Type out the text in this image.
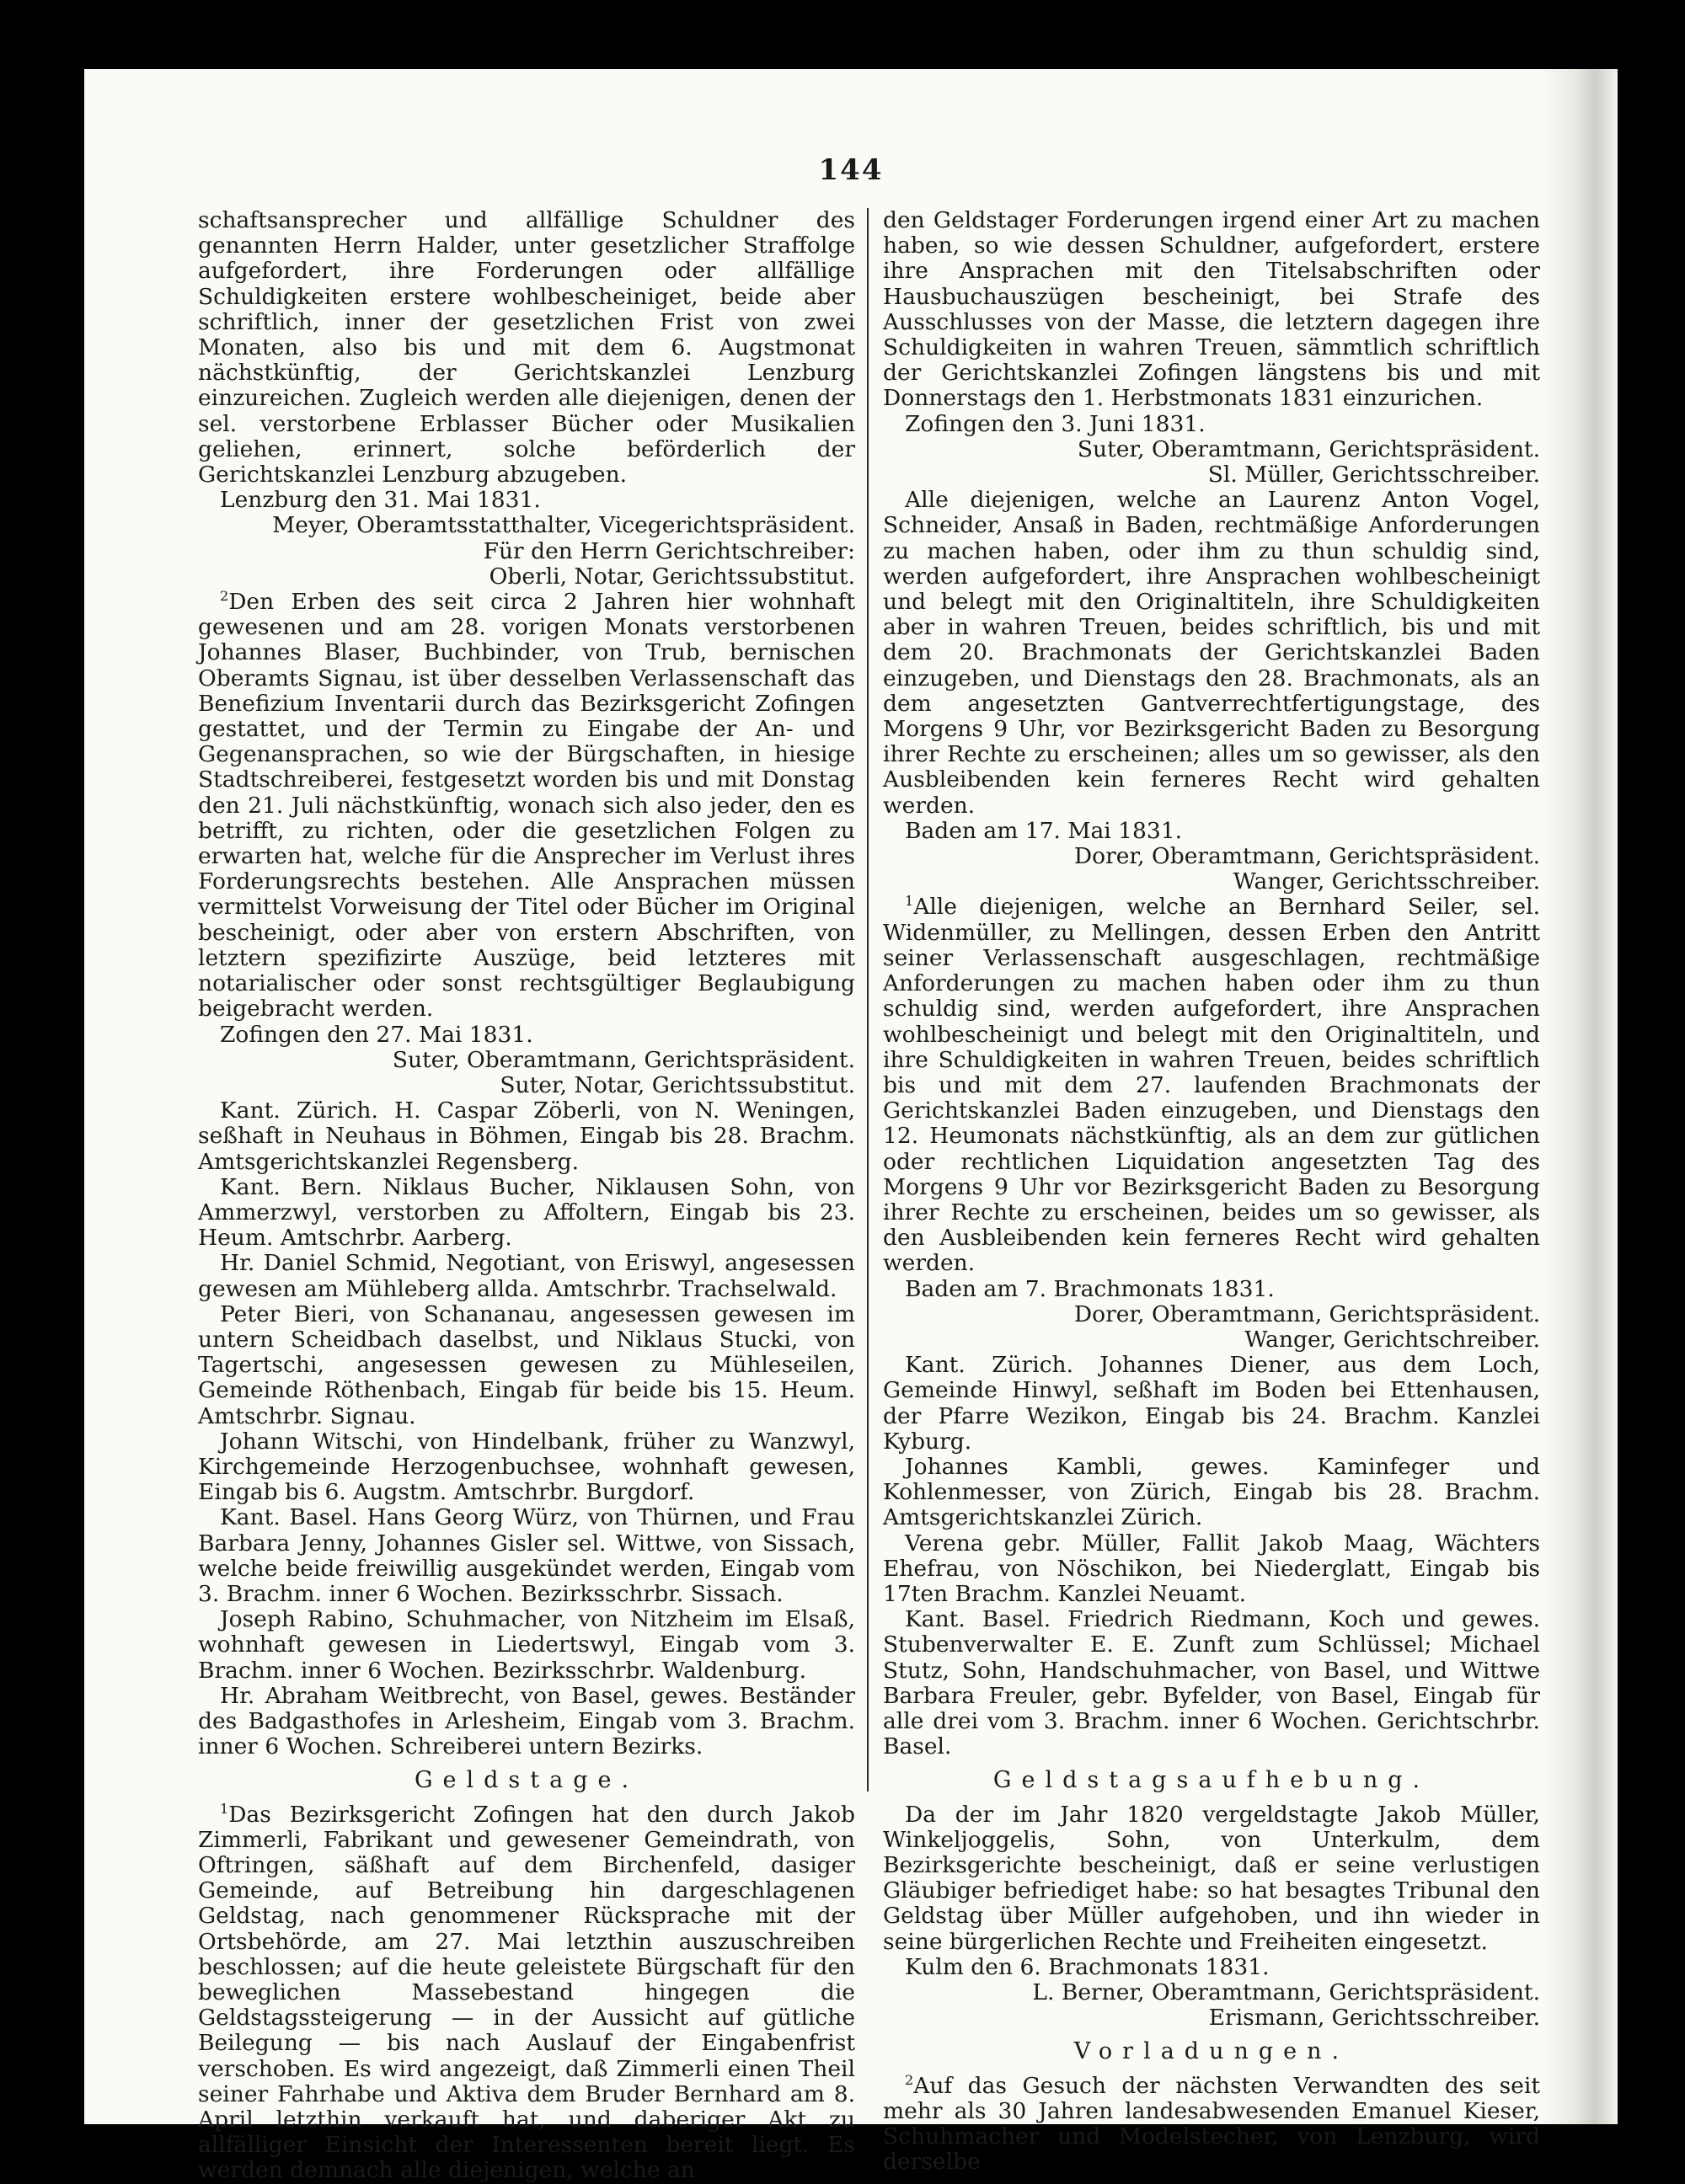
144

schaftsansprecher und allfällige Schuldner des genannten Herrn Halder, unter gesetzlicher Straffolge aufgefordert, ihre Forderungen oder allfällige Schuldigkeiten erstere wohlbescheiniget, beide aber schriftlich, inner der gesetzlichen Frist von zwei Monaten, also bis und mit dem 6. Augstmonat nächstkünftig, der Gerichtskanzlei Lenzburg einzureichen. Zugleich werden alle diejenigen, denen der sel. verstorbene Erblasser Bücher oder Musikalien geliehen, erinnert, solche beförderlich der Gerichtskanzlei Lenzburg abzugeben.

Lenzburg den 31. Mai 1831.

Meyer, Oberamtsstatthalter, Vicegerichtspräsident.

Für den Herrn Gerichtschreiber:

Oberli, Notar, Gerichtssubstitut.

$^2$Den Erben des seit circa 2 Jahren hier wohnhaft gewesenen und am 28. vorigen Monats verstorbenen Johannes Blaser, Buchbinder, von Trub, bernischen Oberamts Signau, ist über desselben Verlassenschaft das Benefizium Inventarii durch das Bezirksgericht Zofingen gestattet, und der Termin zu Eingabe der An- und Gegenansprachen, so wie der Bürgschaften, in hiesige Stadtschreiberei, festgesetzt worden bis und mit Donstag den 21. Juli nächstkünftig, wonach sich also jeder, den es betrifft, zu richten, oder die gesetzlichen Folgen zu erwarten hat, welche für die Ansprecher im Verlust ihres Forderungsrechts bestehen. Alle Ansprachen müssen vermittelst Vorweisung der Titel oder Bücher im Original bescheinigt, oder aber von erstern Abschriften, von letztern spezifizirte Auszüge, beid letzteres mit notarialischer oder sonst rechtsgültiger Beglaubigung beigebracht werden.

Zofingen den 27. Mai 1831.

Suter, Oberamtmann, Gerichtspräsident.

Suter, Notar, Gerichtssubstitut.

Kant. Zürich. H. Caspar Zöberli, von N. Weningen, seßhaft in Neuhaus in Böhmen, Eingab bis 28. Brachm. Amtsgerichtskanzlei Regensberg.

Kant. Bern. Niklaus Bucher, Niklausen Sohn, von Ammerzwyl, verstorben zu Affoltern, Eingab bis 23. Heum. Amtschrbr. Aarberg.

Hr. Daniel Schmid, Negotiant, von Eriswyl, angesessen gewesen am Mühleberg allda. Amtschrbr. Trachselwald.

Peter Bieri, von Schananau, angesessen gewesen im untern Scheidbach daselbst, und Niklaus Stucki, von Tagertschi, angesessen gewesen zu Mühleseilen, Gemeinde Röthenbach, Eingab für beide bis 15. Heum. Amtschrbr. Signau.

Johann Witschi, von Hindelbank, früher zu Wanzwyl, Kirchgemeinde Herzogenbuchsee, wohnhaft gewesen, Eingab bis 6. Augstm. Amtschrbr. Burgdorf.

Kant. Basel. Hans Georg Würz, von Thürnen, und Frau Barbara Jenny, Johannes Gisler sel. Wittwe, von Sissach, welche beide freiwillig ausgekündet werden, Eingab vom 3. Brachm. inner 6 Wochen. Bezirksschrbr. Sissach.

Joseph Rabino, Schuhmacher, von Nitzheim im Elsaß, wohnhaft gewesen in Liedertswyl, Eingab vom 3. Brachm. inner 6 Wochen. Bezirksschrbr. Waldenburg.

Hr. Abraham Weitbrecht, von Basel, gewes. Beständer des Badgasthofes in Arlesheim, Eingab vom 3. Brachm. inner 6 Wochen. Schreiberei untern Bezirks.

Geldstage.

$^1$Das Bezirksgericht Zofingen hat den durch Jakob Zimmerli, Fabrikant und gewesener Gemeindrath, von Oftringen, säßhaft auf dem Birchenfeld, dasiger Gemeinde, auf Betreibung hin dargeschlagenen Geldstag, nach genommener Rücksprache mit der Ortsbehörde, am 27. Mai letzthin auszuschreiben beschlossen; auf die heute geleistete Bürgschaft für den beweglichen Massebestand hingegen die Geldstagssteigerung — in der Aussicht auf gütliche Beilegung — bis nach Auslauf der Eingabenfrist verschoben. Es wird angezeigt, daß Zimmerli einen Theil seiner Fahrhabe und Aktiva dem Bruder Bernhard am 8. April letzthin verkauft hat, und daberiger Akt zu allfälliger Einsicht der Interessenten bereit liegt. Es werden demnach alle diejenigen, welche an

den Geldstager Forderungen irgend einer Art zu machen haben, so wie dessen Schuldner, aufgefordert, erstere ihre Ansprachen mit den Titelsabschriften oder Hausbuchauszügen bescheinigt, bei Strafe des Ausschlusses von der Masse, die letztern dagegen ihre Schuldigkeiten in wahren Treuen, sämmtlich schriftlich der Gerichtskanzlei Zofingen längstens bis und mit Donnerstags den 1. Herbstmonats 1831 einzurichen.

Zofingen den 3. Juni 1831.

Suter, Oberamtmann, Gerichtspräsident.

Sl. Müller, Gerichtsschreiber.

Alle diejenigen, welche an Laurenz Anton Vogel, Schneider, Ansaß in Baden, rechtmäßige Anforderungen zu machen haben, oder ihm zu thun schuldig sind, werden aufgefordert, ihre Ansprachen wohlbescheinigt und belegt mit den Originaltiteln, ihre Schuldigkeiten aber in wahren Treuen, beides schriftlich, bis und mit dem 20. Brachmonats der Gerichtskanzlei Baden einzugeben, und Dienstags den 28. Brachmonats, als an dem angesetzten Gantverrechtfertigungstage, des Morgens 9 Uhr, vor Bezirksgericht Baden zu Besorgung ihrer Rechte zu erscheinen; alles um so gewisser, als den Ausbleibenden kein ferneres Recht wird gehalten werden.

Baden am 17. Mai 1831.

Dorer, Oberamtmann, Gerichtspräsident.

Wanger, Gerichtsschreiber.

$^1$Alle diejenigen, welche an Bernhard Seiler, sel. Widenmüller, zu Mellingen, dessen Erben den Antritt seiner Verlassenschaft ausgeschlagen, rechtmäßige Anforderungen zu machen haben oder ihm zu thun schuldig sind, werden aufgefordert, ihre Ansprachen wohlbescheinigt und belegt mit den Originaltiteln, und ihre Schuldigkeiten in wahren Treuen, beides schriftlich bis und mit dem 27. laufenden Brachmonats der Gerichtskanzlei Baden einzugeben, und Dienstags den 12. Heumonats nächstkünftig, als an dem zur gütlichen oder rechtlichen Liquidation angesetzten Tag des Morgens 9 Uhr vor Bezirksgericht Baden zu Besorgung ihrer Rechte zu erscheinen, beides um so gewisser, als den Ausbleibenden kein ferneres Recht wird gehalten werden.

Baden am 7. Brachmonats 1831.

Dorer, Oberamtmann, Gerichtspräsident.

Wanger, Gerichtschreiber.

Kant. Zürich. Johannes Diener, aus dem Loch, Gemeinde Hinwyl, seßhaft im Boden bei Ettenhausen, der Pfarre Wezikon, Eingab bis 24. Brachm. Kanzlei Kyburg.

Johannes Kambli, gewes. Kaminfeger und Kohlenmesser, von Zürich, Eingab bis 28. Brachm. Amtsgerichtskanzlei Zürich.

Verena gebr. Müller, Fallit Jakob Maag, Wächters Ehefrau, von Nöschikon, bei Niederglatt, Eingab bis 17ten Brachm. Kanzlei Neuamt.

Kant. Basel. Friedrich Riedmann, Koch und gewes. Stubenverwalter E. E. Zunft zum Schlüssel; Michael Stutz, Sohn, Handschuhmacher, von Basel, und Wittwe Barbara Freuler, gebr. Byfelder, von Basel, Eingab für alle drei vom 3. Brachm. inner 6 Wochen. Gerichtschrbr. Basel.

Geldstagsaufhebung.

Da der im Jahr 1820 vergeldstagte Jakob Müller, Winkeljoggelis, Sohn, von Unterkulm, dem Bezirksgerichte bescheinigt, daß er seine verlustigen Gläubiger befriediget habe: so hat besagtes Tribunal den Geldstag über Müller aufgehoben, und ihn wieder in seine bürgerlichen Rechte und Freiheiten eingesetzt.

Kulm den 6. Brachmonats 1831.

L. Berner, Oberamtmann, Gerichtspräsident.

Erismann, Gerichtsschreiber.

Vorladungen.

$^2$Auf das Gesuch der nächsten Verwandten des seit mehr als 30 Jahren landesabwesenden Emanuel Kieser, Schuhmacher und Modelstecher, von Lenzburg, wird derselbe
